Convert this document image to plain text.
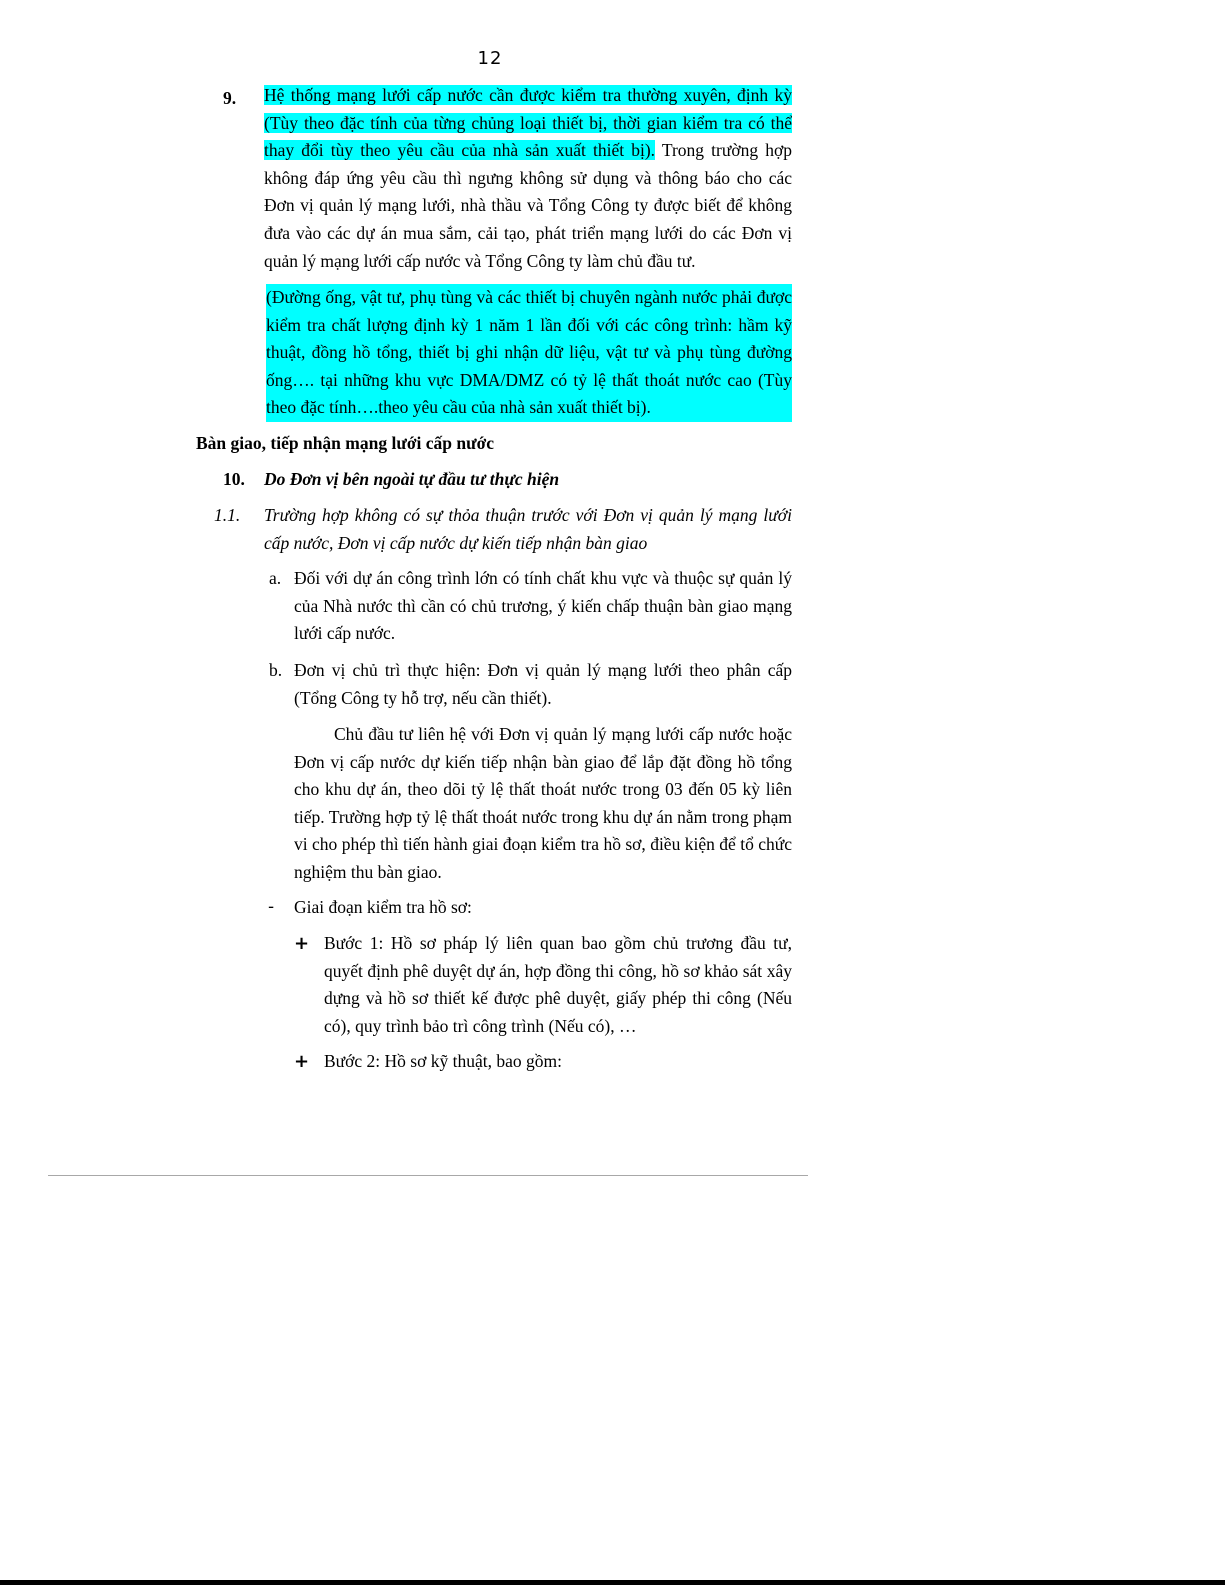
12
9. Hệ thống mạng lưới cấp nước cần được kiểm tra thường xuyên, định kỳ (Tùy theo đặc tính của từng chủng loại thiết bị, thời gian kiểm tra có thể thay đổi tùy theo yêu cầu của nhà sản xuất thiết bị). Trong trường hợp không đáp ứng yêu cầu thì ngưng không sử dụng và thông báo cho các Đơn vị quản lý mạng lưới, nhà thầu và Tổng Công ty được biết để không đưa vào các dự án mua sắm, cải tạo, phát triển mạng lưới do các Đơn vị quản lý mạng lưới cấp nước và Tổng Công ty làm chủ đầu tư.
(Đường ống, vật tư, phụ tùng và các thiết bị chuyên ngành nước phải được kiểm tra chất lượng định kỳ 1 năm 1 lần đối với các công trình: hầm kỹ thuật, đồng hồ tổng, thiết bị ghi nhận dữ liệu, vật tư và phụ tùng đường ống…. tại những khu vực DMA/DMZ có tỷ lệ thất thoát nước cao (Tùy theo đặc tính….theo yêu cầu của nhà sản xuất thiết bị).
Bàn giao, tiếp nhận mạng lưới cấp nước
10. Do Đơn vị bên ngoài tự đầu tư thực hiện
1.1. Trường hợp không có sự thỏa thuận trước với Đơn vị quản lý mạng lưới cấp nước, Đơn vị cấp nước dự kiến tiếp nhận bàn giao
a. Đối với dự án công trình lớn có tính chất khu vực và thuộc sự quản lý của Nhà nước thì cần có chủ trương, ý kiến chấp thuận bàn giao mạng lưới cấp nước.
b. Đơn vị chủ trì thực hiện: Đơn vị quản lý mạng lưới theo phân cấp (Tổng Công ty hỗ trợ, nếu cần thiết).
Chủ đầu tư liên hệ với Đơn vị quản lý mạng lưới cấp nước hoặc Đơn vị cấp nước dự kiến tiếp nhận bàn giao để lắp đặt đồng hồ tổng cho khu dự án, theo dõi tỷ lệ thất thoát nước trong 03 đến 05 kỳ liên tiếp. Trường hợp tỷ lệ thất thoát nước trong khu dự án nằm trong phạm vi cho phép thì tiến hành giai đoạn kiểm tra hồ sơ, điều kiện để tổ chức nghiệm thu bàn giao.
- Giai đoạn kiểm tra hồ sơ:
+ Bước 1: Hồ sơ pháp lý liên quan bao gồm chủ trương đầu tư, quyết định phê duyệt dự án, hợp đồng thi công, hồ sơ khảo sát xây dựng và hồ sơ thiết kế được phê duyệt, giấy phép thi công (Nếu có), quy trình bảo trì công trình (Nếu có), …
+ Bước 2: Hồ sơ kỹ thuật, bao gồm:
